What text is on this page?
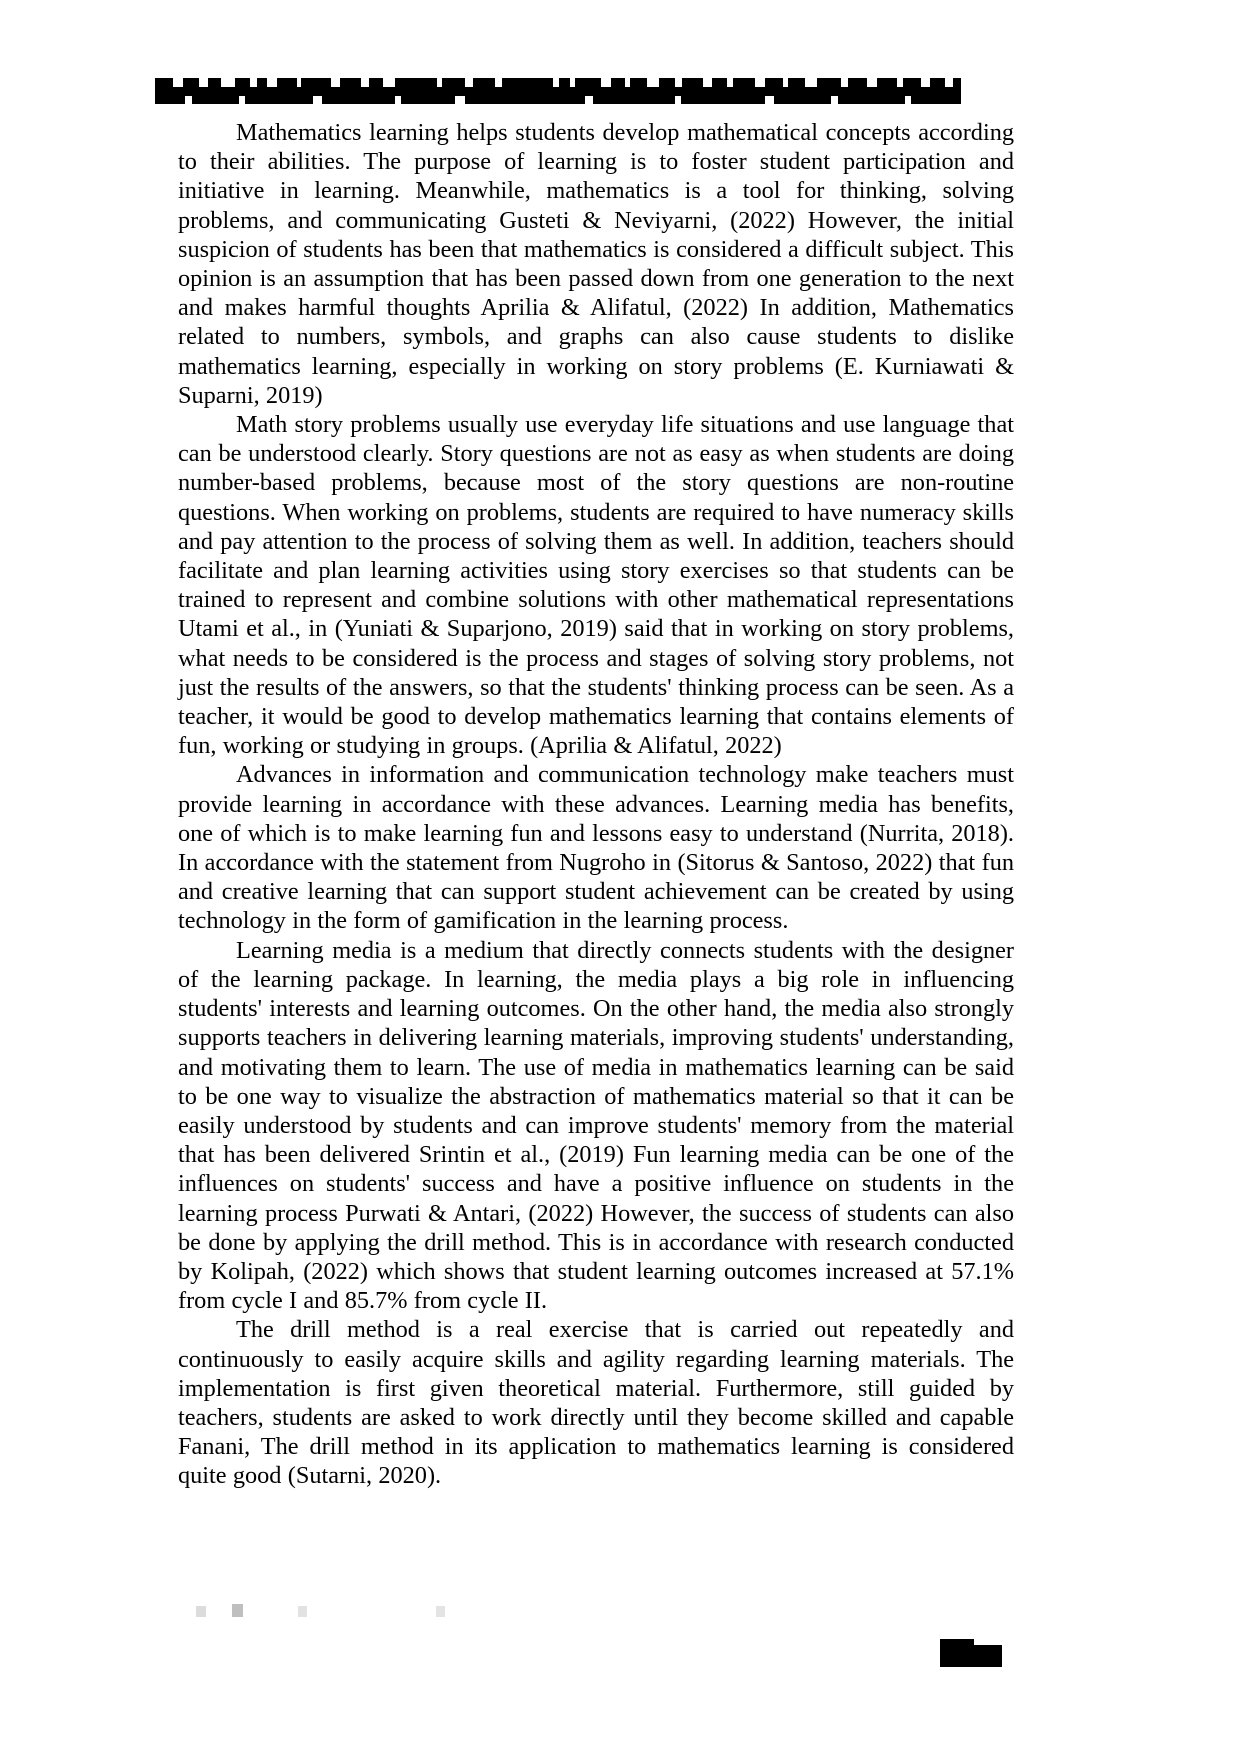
Mathematics learning helps students develop mathematical concepts according to their abilities. The purpose of learning is to foster student participation and initiative in learning. Meanwhile, mathematics is a tool for thinking, solving problems, and communicating Gusteti & Neviyarni, (2022) However, the initial suspicion of students has been that mathematics is considered a difficult subject. This opinion is an assumption that has been passed down from one generation to the next and makes harmful thoughts Aprilia & Alifatul, (2022) In addition, Mathematics related to numbers, symbols, and graphs can also cause students to dislike mathematics learning, especially in working on story problems (E. Kurniawati & Suparni, 2019)

Math story problems usually use everyday life situations and use language that can be understood clearly. Story questions are not as easy as when students are doing number-based problems, because most of the story questions are non-routine questions. When working on problems, students are required to have numeracy skills and pay attention to the process of solving them as well. In addition, teachers should facilitate and plan learning activities using story exercises so that students can be trained to represent and combine solutions with other mathematical representations Utami et al., in (Yuniati & Suparjono, 2019) said that in working on story problems, what needs to be considered is the process and stages of solving story problems, not just the results of the answers, so that the students' thinking process can be seen. As a teacher, it would be good to develop mathematics learning that contains elements of fun, working or studying in groups. (Aprilia & Alifatul, 2022)

Advances in information and communication technology make teachers must provide learning in accordance with these advances. Learning media has benefits, one of which is to make learning fun and lessons easy to understand (Nurrita, 2018). In accordance with the statement from Nugroho in (Sitorus & Santoso, 2022) that fun and creative learning that can support student achievement can be created by using technology in the form of gamification in the learning process.

Learning media is a medium that directly connects students with the designer of the learning package. In learning, the media plays a big role in influencing students' interests and learning outcomes. On the other hand, the media also strongly supports teachers in delivering learning materials, improving students' understanding, and motivating them to learn. The use of media in mathematics learning can be said to be one way to visualize the abstraction of mathematics material so that it can be easily understood by students and can improve students' memory from the material that has been delivered Srintin et al., (2019) Fun learning media can be one of the influences on students' success and have a positive influence on students in the learning process Purwati & Antari, (2022) However, the success of students can also be done by applying the drill method. This is in accordance with research conducted by Kolipah, (2022) which shows that student learning outcomes increased at 57.1% from cycle I and 85.7% from cycle II.

The drill method is a real exercise that is carried out repeatedly and continuously to easily acquire skills and agility regarding learning materials. The implementation is first given theoretical material. Furthermore, still guided by teachers, students are asked to work directly until they become skilled and capable Fanani, The drill method in its application to mathematics learning is considered quite good (Sutarni, 2020).
